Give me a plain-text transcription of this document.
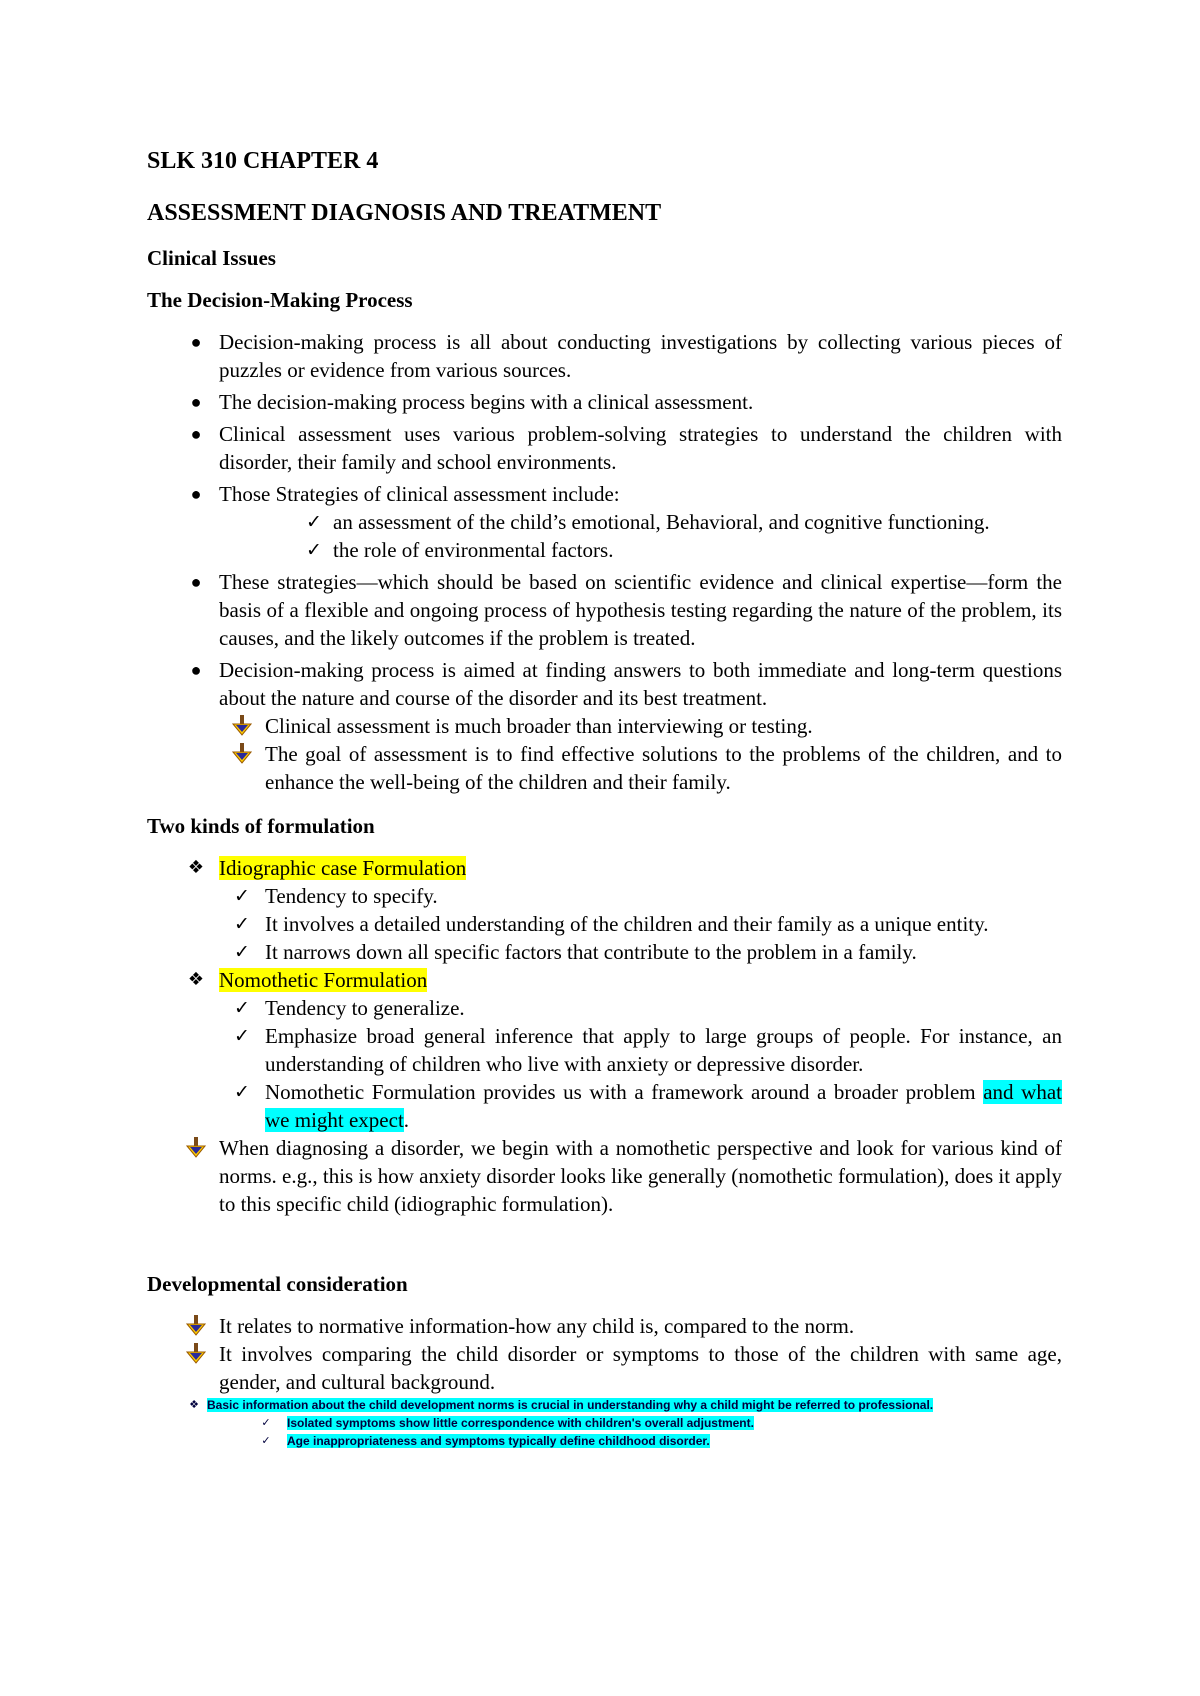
SLK 310 CHAPTER 4
ASSESSMENT DIAGNOSIS AND TREATMENT
Clinical Issues
The Decision-Making Process
● Decision-making process is all about conducting investigations by collecting various pieces of puzzles or evidence from various sources.
● The decision-making process begins with a clinical assessment.
● Clinical assessment uses various problem-solving strategies to understand the children with disorder, their family and school environments.
● Those Strategies of clinical assessment include:
✓ an assessment of the child’s emotional, Behavioral, and cognitive functioning.
✓ the role of environmental factors.
● These strategies—which should be based on scientific evidence and clinical expertise—form the basis of a flexible and ongoing process of hypothesis testing regarding the nature of the problem, its causes, and the likely outcomes if the problem is treated.
● Decision-making process is aimed at finding answers to both immediate and long-term questions about the nature and course of the disorder and its best treatment.
Clinical assessment is much broader than interviewing or testing.
The goal of assessment is to find effective solutions to the problems of the children, and to enhance the well-being of the children and their family.
Two kinds of formulation
❖ Idiographic case Formulation
✓ Tendency to specify.
✓ It involves a detailed understanding of the children and their family as a unique entity.
✓ It narrows down all specific factors that contribute to the problem in a family.
❖ Nomothetic Formulation
✓ Tendency to generalize.
✓ Emphasize broad general inference that apply to large groups of people. For instance, an understanding of children who live with anxiety or depressive disorder.
✓ Nomothetic Formulation provides us with a framework around a broader problem and what we might expect.
When diagnosing a disorder, we begin with a nomothetic perspective and look for various kind of norms. e.g., this is how anxiety disorder looks like generally (nomothetic formulation), does it apply to this specific child (idiographic formulation).
Developmental consideration
It relates to normative information-how any child is, compared to the norm.
It involves comparing the child disorder or symptoms to those of the children with same age, gender, and cultural background.
❖ Basic information about the child development norms is crucial in understanding why a child might be referred to professional.
✓ Isolated symptoms show little correspondence with children's overall adjustment.
✓ Age inappropriateness and symptoms typically define childhood disorder.
